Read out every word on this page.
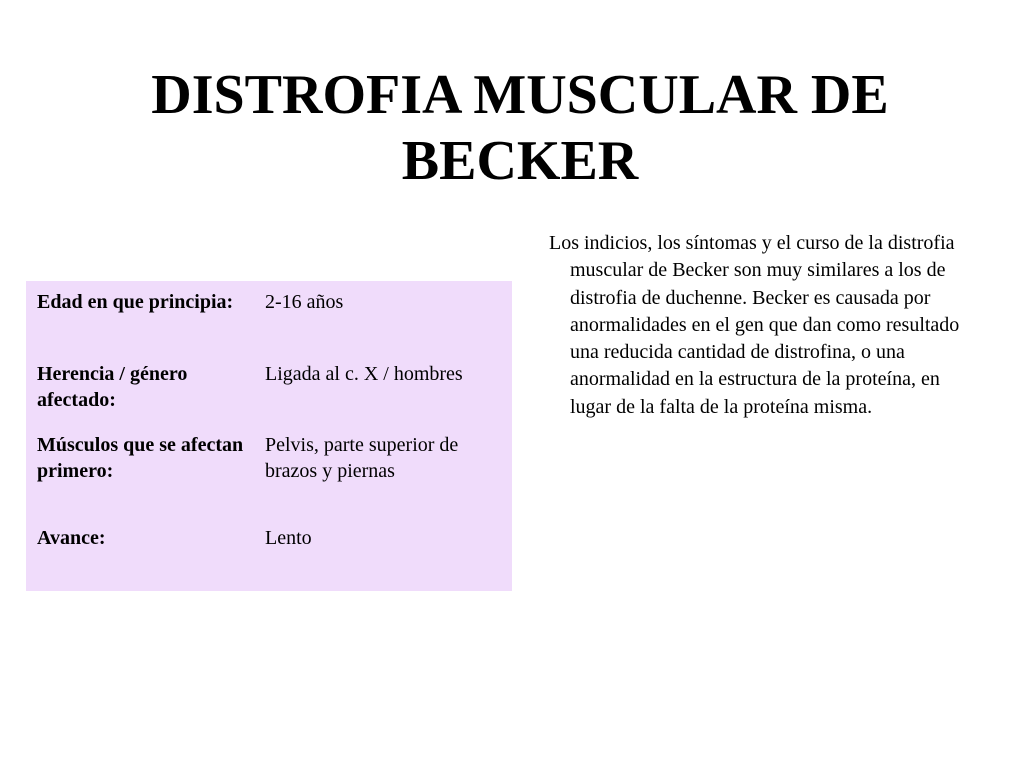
DISTROFIA MUSCULAR DE
BECKER
Edad en que principia:	2-16 años
Herencia / género afectado:
Ligada al c. X / hombres
Músculos que se afectan primero:
Pelvis, parte superior de brazos y piernas
Avance:	Lento
Los indicios, los síntomas y el curso de la distrofia muscular de Becker son muy similares a los de distrofia de duchenne. Becker es causada por anormalidades en el gen que dan como resultado una reducida cantidad de distrofina, o una anormalidad en la estructura de la proteína, en lugar de la falta de la proteína misma.
